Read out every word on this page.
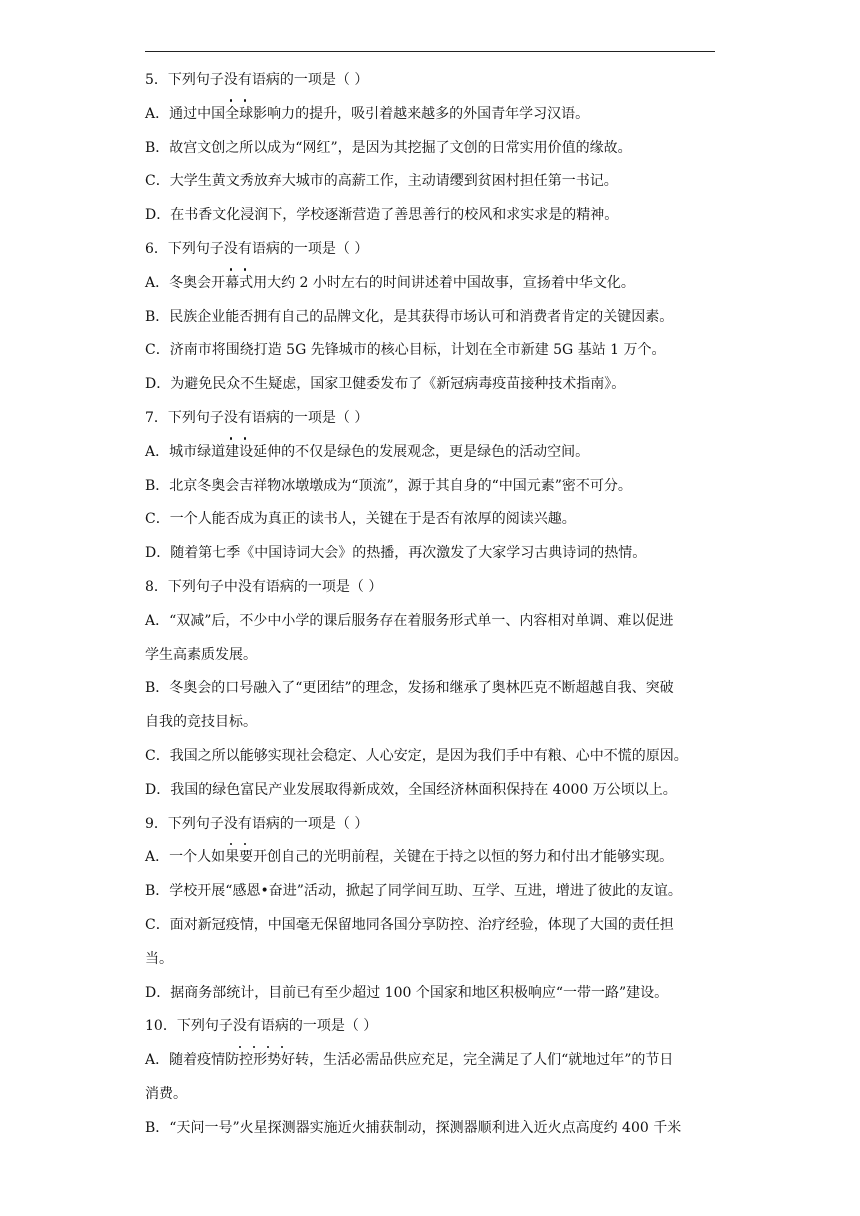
5．下列句子没有语病的一项是（ ）
A．通过中国全球影响力的提升，吸引着越来越多的外国青年学习汉语。
B．故宫文创之所以成为“网红”，是因为其挖掘了文创的日常实用价值的缘故。
C．大学生黄文秀放弃大城市的高薪工作，主动请缨到贫困村担任第一书记。
D．在书香文化浸润下，学校逐渐营造了善思善行的校风和求实求是的精神。
6．下列句子没有语病的一项是（ ）
A．冬奥会开幕式用大约 2 小时左右的时间讲述着中国故事，宣扬着中华文化。
B．民族企业能否拥有自己的品牌文化，是其获得市场认可和消费者肯定的关键因素。
C．济南市将围绕打造 5G 先锋城市的核心目标，计划在全市新建 5G 基站 1 万个。
D．为避免民众不生疑虑，国家卫健委发布了《新冠病毒疫苗接种技术指南》。
7．下列句子没有语病的一项是（ ）
A．城市绿道建设延伸的不仅是绿色的发展观念，更是绿色的活动空间。
B．北京冬奥会吉祥物冰墩墩成为“顶流”，源于其自身的“中国元素”密不可分。
C．一个人能否成为真正的读书人，关键在于是否有浓厚的阅读兴趣。
D．随着第七季《中国诗词大会》的热播，再次激发了大家学习古典诗词的热情。
8．下列句子中没有语病的一项是（ ）
A．“双减”后，不少中小学的课后服务存在着服务形式单一、内容相对单调、难以促进
学生高素质发展。
B．冬奥会的口号融入了“更团结”的理念，发扬和继承了奥林匹克不断超越自我、突破
自我的竞技目标。
C．我国之所以能够实现社会稳定、人心安定，是因为我们手中有粮、心中不慌的原因。
D．我国的绿色富民产业发展取得新成效，全国经济林面积保持在 4000 万公顷以上。
9．下列句子没有语病的一项是（ ）
A．一个人如果要开创自己的光明前程，关键在于持之以恒的努力和付出才能够实现。
B．学校开展“感恩•奋进”活动，掀起了同学间互助、互学、互进，增进了彼此的友谊。
C．面对新冠疫情，中国毫无保留地同各国分享防控、治疗经验，体现了大国的责任担
当。
D．据商务部统计，目前已有至少超过 100 个国家和地区积极响应“一带一路”建设。
10．下列句子没有语病的一项是（ ）
A．随着疫情防控形势好转，生活必需品供应充足，完全满足了人们“就地过年”的节日
消费。
B．“天问一号”火星探测器实施近火捕获制动，探测器顺利进入近火点高度约 400 千米
